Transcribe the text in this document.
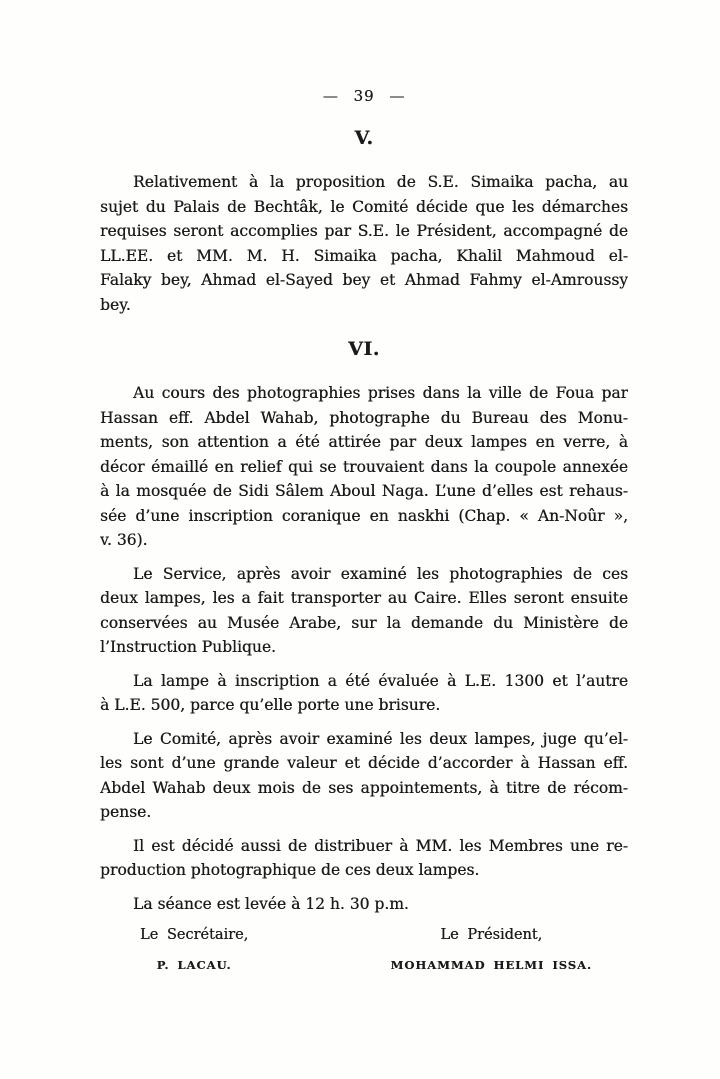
— 39 —
V.
Relativement à la proposition de S.E. Simaika pacha, au
sujet du Palais de Bechtâk, le Comité décide que les démarches
requises seront accomplies par S.E. le Président, accompagné de
LL.EE. et MM. M. H. Simaika pacha, Khalil Mahmoud el-
Falaky bey, Ahmad el-Sayed bey et Ahmad Fahmy el-Amroussy
bey.
VI.
Au cours des photographies prises dans la ville de Foua par
Hassan eff. Abdel Wahab, photographe du Bureau des Monu-
ments, son attention a été attirée par deux lampes en verre, à
décor émaillé en relief qui se trouvaient dans la coupole annexée
à la mosquée de Sidi Sâlem Aboul Naga. L’une d’elles est rehaus-
sée d’une inscription coranique en naskhi (Chap. « An-Noûr »,
v. 36).
Le Service, après avoir examiné les photographies de ces
deux lampes, les a fait transporter au Caire. Elles seront ensuite
conservées au Musée Arabe, sur la demande du Ministère de
l’Instruction Publique.
La lampe à inscription a été évaluée à L.E. 1300 et l’autre
à L.E. 500, parce qu’elle porte une brisure.
Le Comité, après avoir examiné les deux lampes, juge qu’el-
les sont d’une grande valeur et décide d’accorder à Hassan eff.
Abdel Wahab deux mois de ses appointements, à titre de récom-
pense.
Il est décidé aussi de distribuer à MM. les Membres une re-
production photographique de ces deux lampes.
La séance est levée à 12 h. 30 p.m.
Le Secrétaire,
P. LACAU.
Le Président,
MOHAMMAD HELMI ISSA.
